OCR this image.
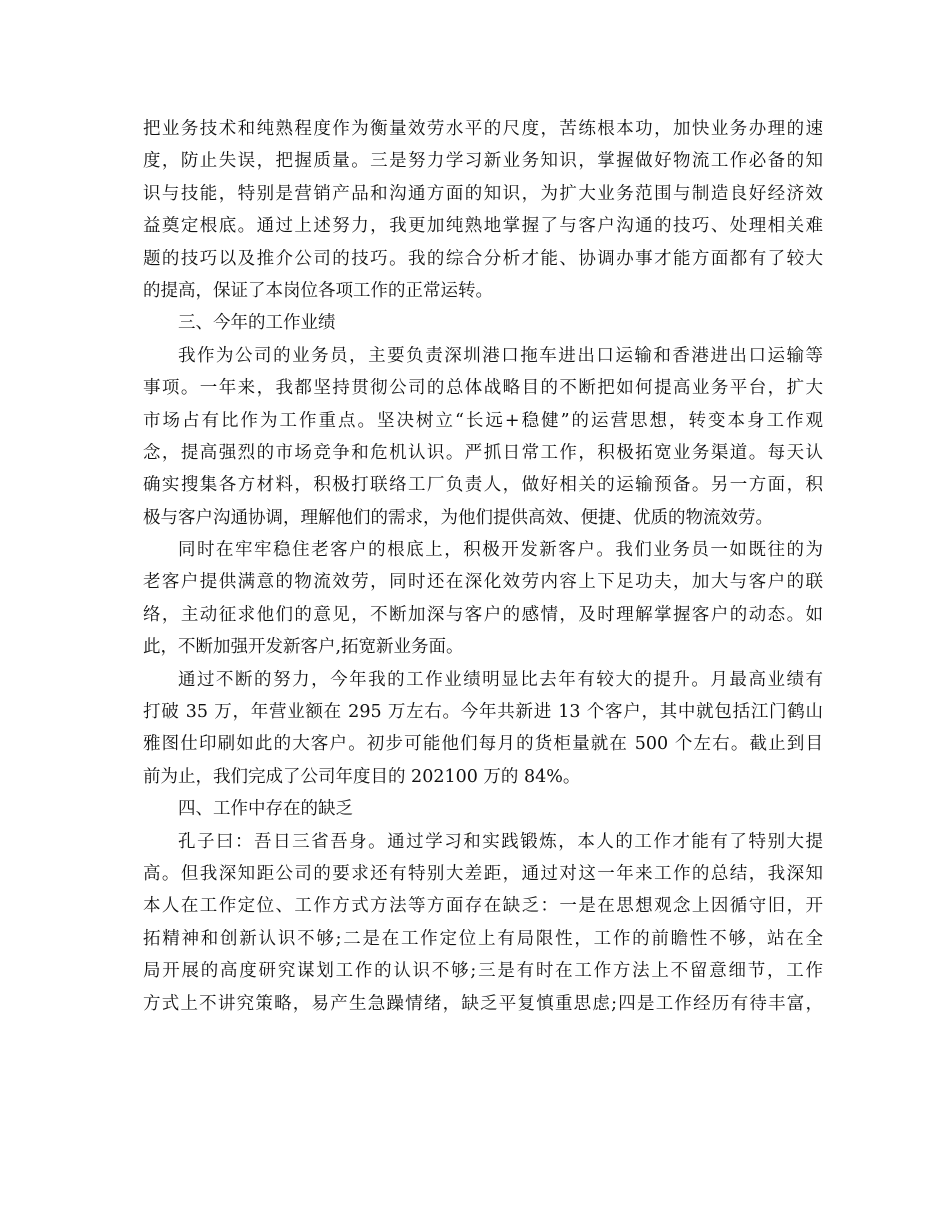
把业务技术和纯熟程度作为衡量效劳水平的尺度，苦练根本功，加快业务办理的速
度，防止失误，把握质量。三是努力学习新业务知识，掌握做好物流工作必备的知
识与技能，特别是营销产品和沟通方面的知识，为扩大业务范围与制造良好经济效
益奠定根底。通过上述努力，我更加纯熟地掌握了与客户沟通的技巧、处理相关难
题的技巧以及推介公司的技巧。我的综合分析才能、协调办事才能方面都有了较大
的提高，保证了本岗位各项工作的正常运转。
三、今年的工作业绩
我作为公司的业务员，主要负责深圳港口拖车进出口运输和香港进出口运输等
事项。一年来，我都坚持贯彻公司的总体战略目的不断把如何提高业务平台，扩大
市场占有比作为工作重点。坚决树立“长远+稳健”的运营思想，转变本身工作观
念，提高强烈的市场竞争和危机认识。严抓日常工作，积极拓宽业务渠道。每天认
确实搜集各方材料，积极打联络工厂负责人，做好相关的运输预备。另一方面，积
极与客户沟通协调，理解他们的需求，为他们提供高效、便捷、优质的物流效劳。
同时在牢牢稳住老客户的根底上，积极开发新客户。我们业务员一如既往的为
老客户提供满意的物流效劳，同时还在深化效劳内容上下足功夫，加大与客户的联
络，主动征求他们的意见，不断加深与客户的感情，及时理解掌握客户的动态。如
此，不断加强开发新客户,拓宽新业务面。
通过不断的努力，今年我的工作业绩明显比去年有较大的提升。月最高业绩有
打破 35 万，年营业额在 295 万左右。今年共新进 13 个客户，其中就包括江门鹤山
雅图仕印刷如此的大客户。初步可能他们每月的货柜量就在 500 个左右。截止到目
前为止，我们完成了公司年度目的 202100 万的 84%。
四、工作中存在的缺乏
孔子曰：吾日三省吾身。通过学习和实践锻炼，本人的工作才能有了特别大提
高。但我深知距公司的要求还有特别大差距，通过对这一年来工作的总结，我深知
本人在工作定位、工作方式方法等方面存在缺乏：一是在思想观念上因循守旧，开
拓精神和创新认识不够;二是在工作定位上有局限性，工作的前瞻性不够，站在全
局开展的高度研究谋划工作的认识不够;三是有时在工作方法上不留意细节，工作
方式上不讲究策略，易产生急躁情绪，缺乏平复慎重思虑;四是工作经历有待丰富，
